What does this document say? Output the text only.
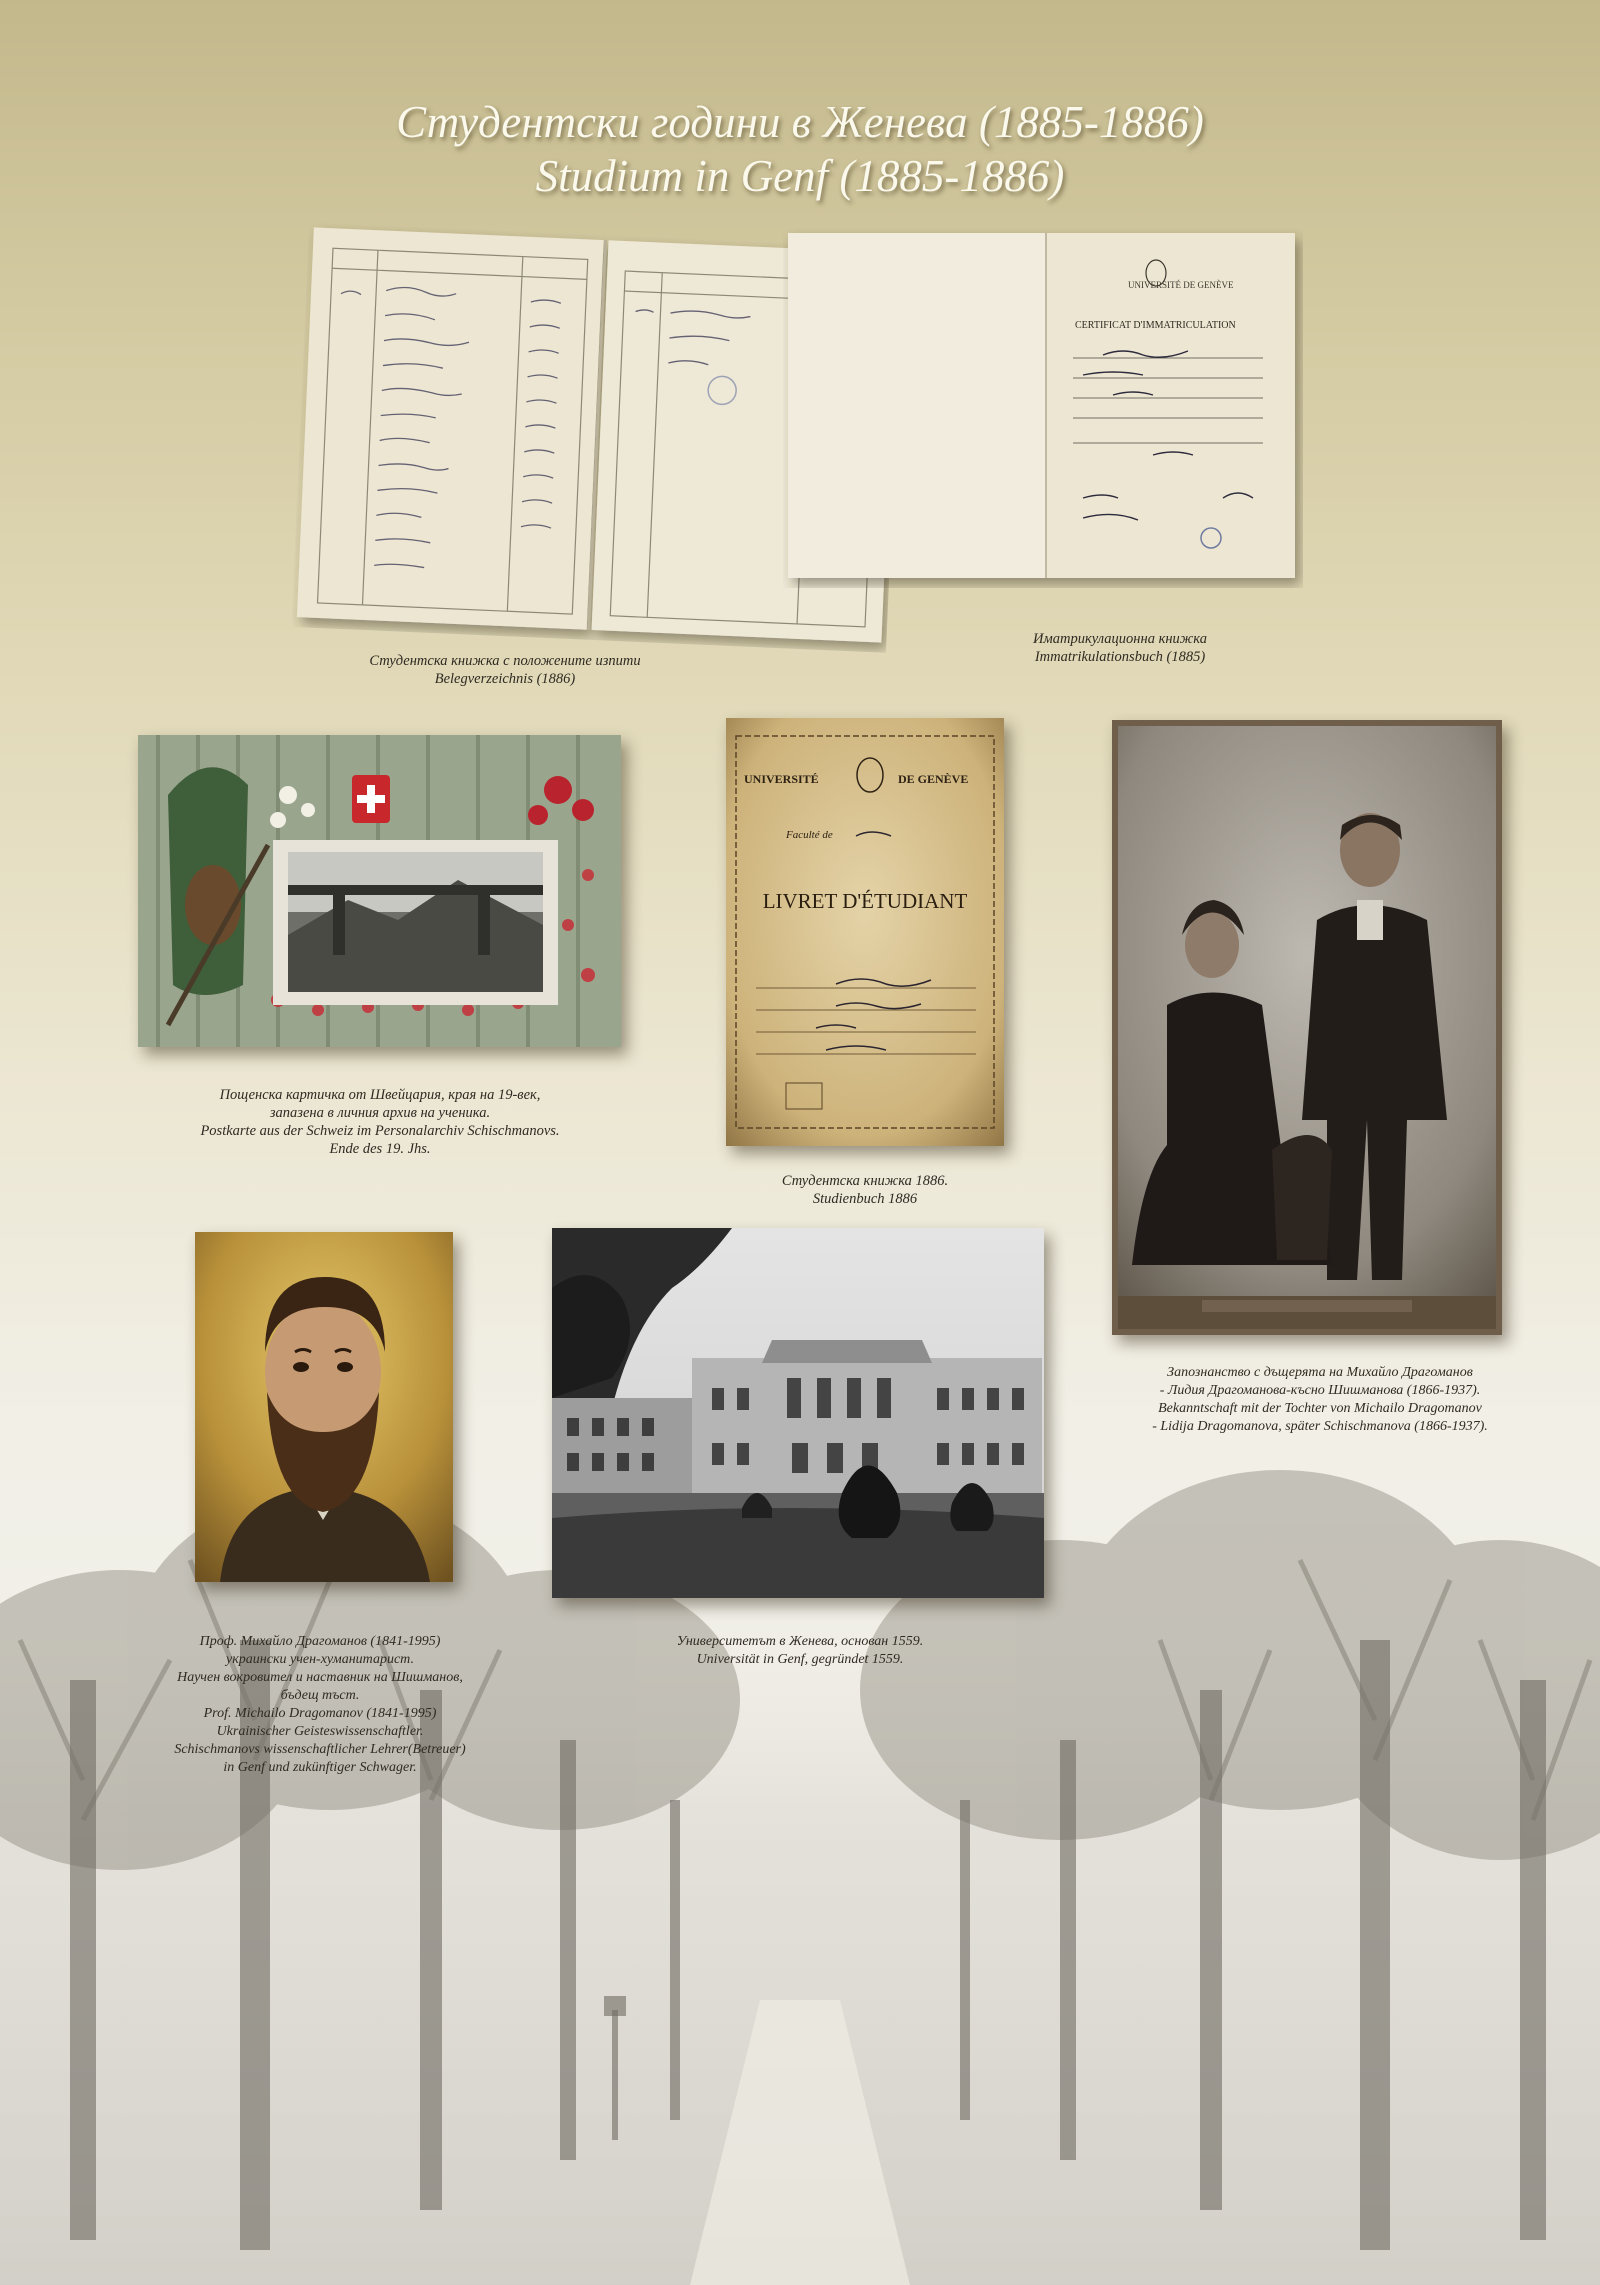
Студентски години в Женева (1885-1886)
Studium in Genf (1885-1886)
UNIVERSITÉ DE GENÈVE
CERTIFICAT D'IMMATRICULATION
Студентска книжка с положените изпити
Belegverzeichnis (1886)
Иматрикулационна книжка
Immatrikulationsbuch (1885)
Пощенска картичка от Швейцария, края на 19-век,
запазена в личния архив на ученика.
Postkarte aus der Schweiz im Personalarchiv Schischmanovs.
Ende des 19. Jhs.
UNIVERSITÉ	DE GENÈVE
Faculté de
LIVRET D'ÉTUDIANT
Студентска книжка 1886.
Studienbuch 1886
Запознанство с дъщерята на Михайло Драгоманов
- Лидия Драгоманова-късно Шишманова (1866-1937).
Bekanntschaft mit der Tochter von Michailo Dragomanov
- Lidija Dragomanova, später Schischmanova (1866-1937).
Проф. Михайло Драгоманов (1841-1995)
украински учен-хуманитарист.
Научен вокровител и наставник на Шишманов,
бъдещ тъст.
Prof. Michailo Dragomanov (1841-1995)
Ukrainischer Geisteswissenschaftler.
Schischmanovs wissenschaftlicher Lehrer(Betreuer)
in Genf und zukünftiger Schwager.
Университетът в Женева, основан 1559.
Universität in Genf, gegründet 1559.
